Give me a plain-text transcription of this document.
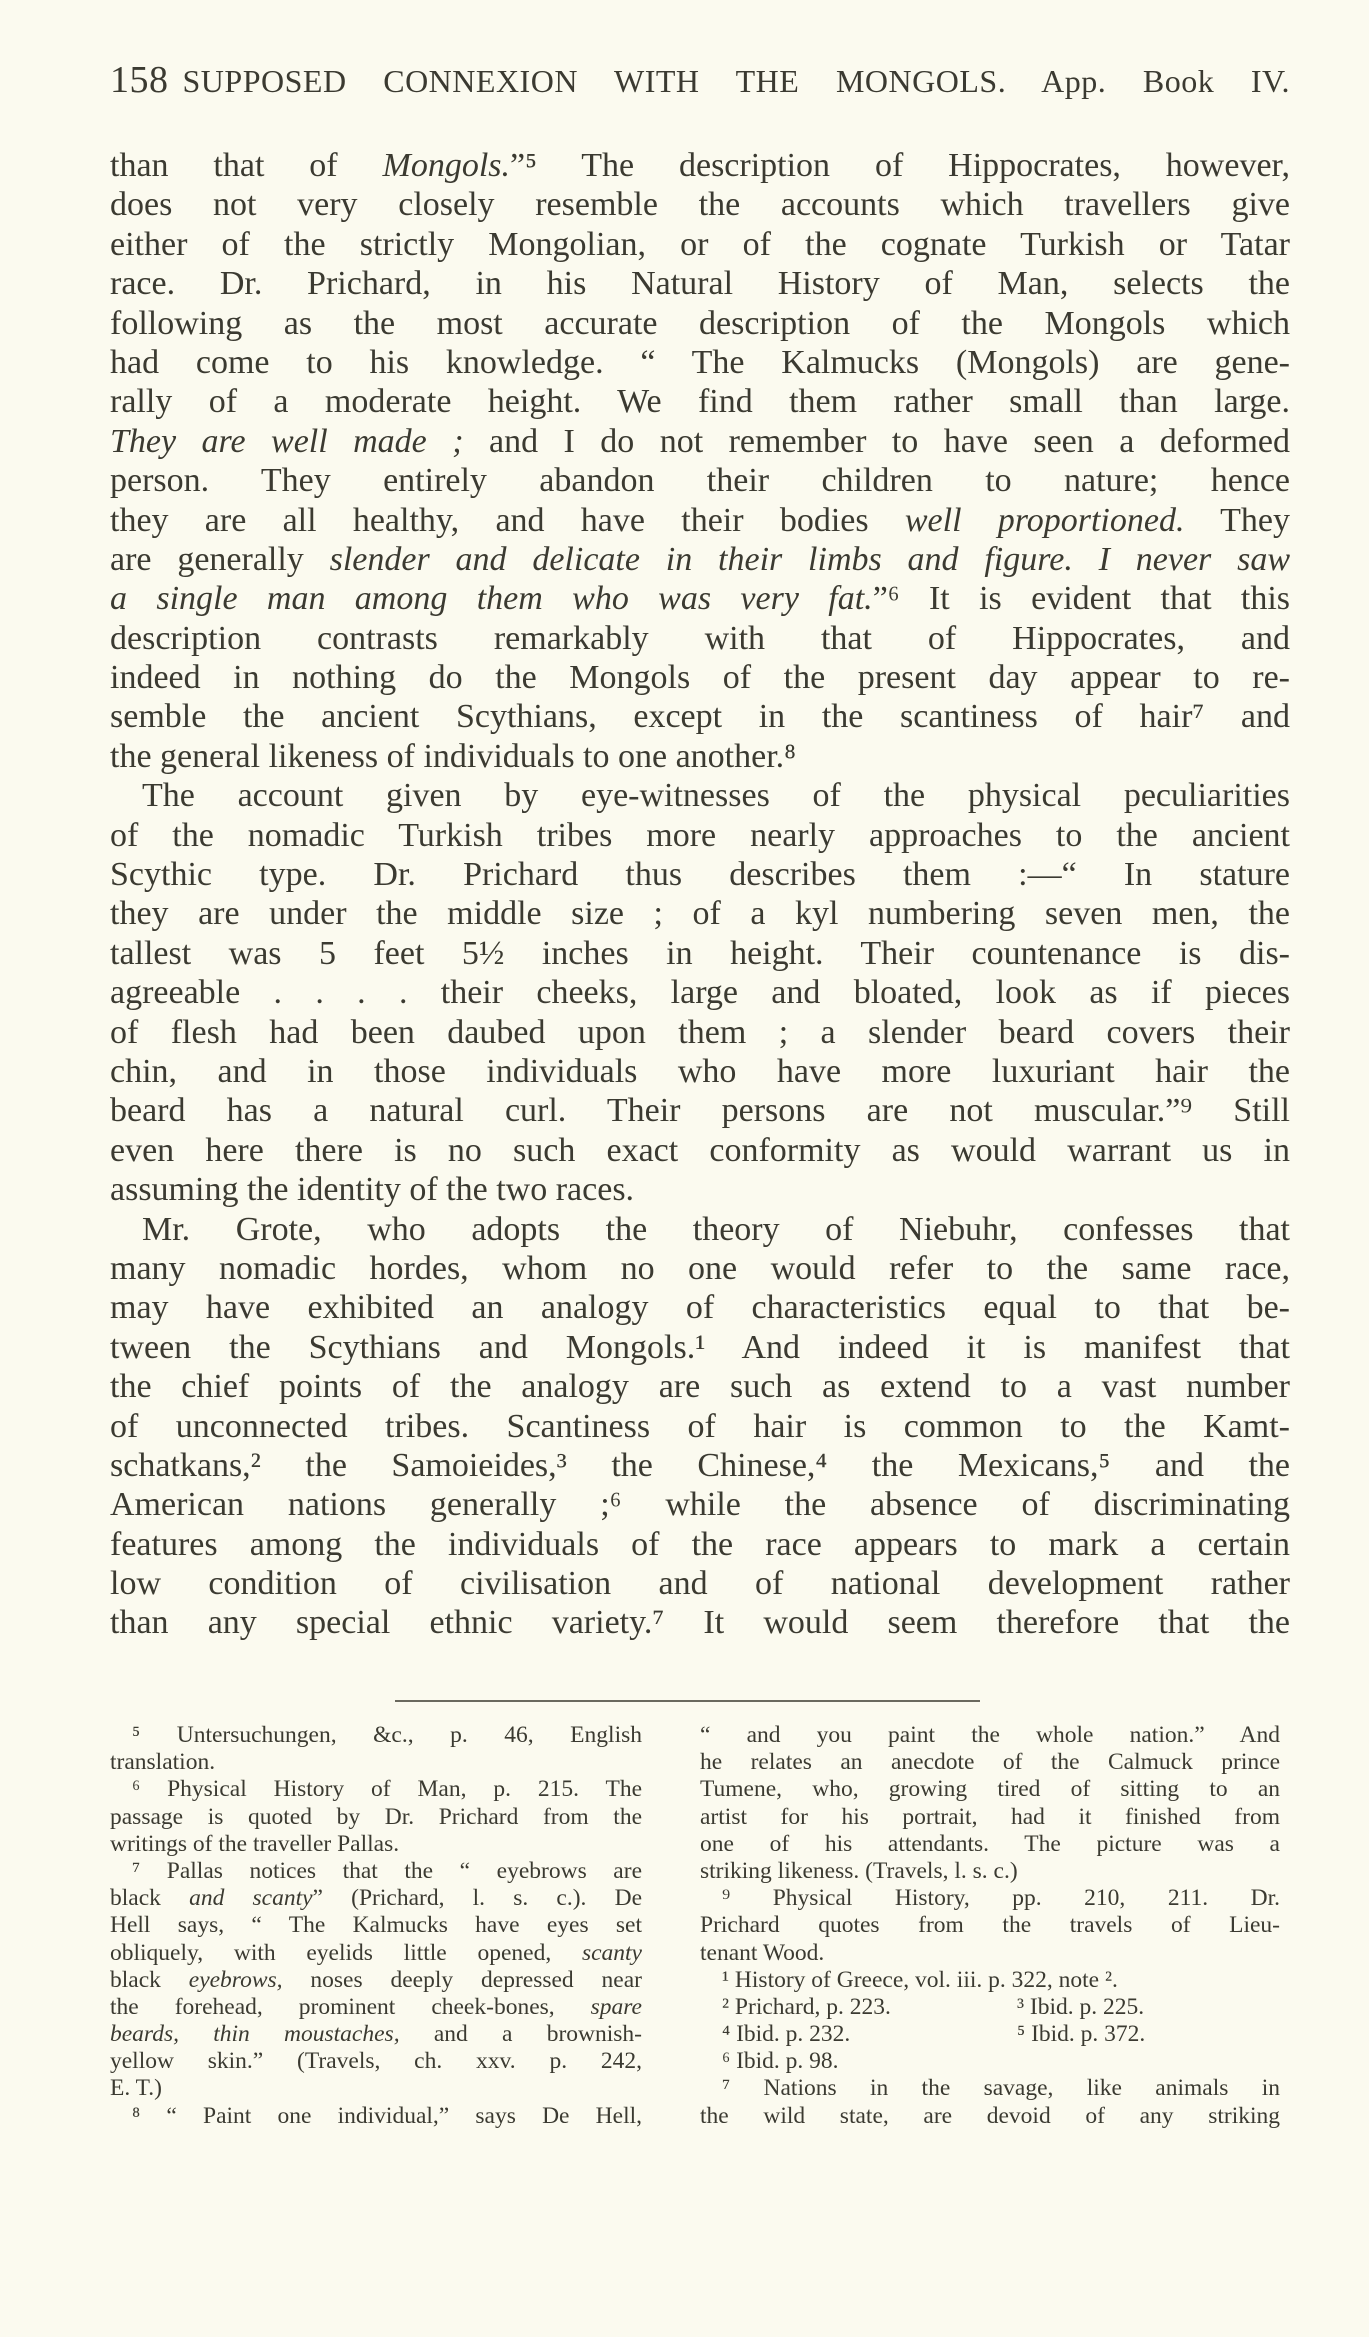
158 SUPPOSED CONNEXION WITH THE MONGOLS. App. Book IV.
than that of Mongols.”⁵ The description of Hippocrates, however,
does not very closely resemble the accounts which travellers give
either of the strictly Mongolian, or of the cognate Turkish or Tatar
race. Dr. Prichard, in his Natural History of Man, selects the
following as the most accurate description of the Mongols which
had come to his knowledge. “ The Kalmucks (Mongols) are gene-
rally of a moderate height. We find them rather small than large.
They are well made ; and I do not remember to have seen a deformed
person. They entirely abandon their children to nature; hence
they are all healthy, and have their bodies well proportioned. They
are generally slender and delicate in their limbs and figure. I never saw
a single man among them who was very fat.”⁶ It is evident that this
description contrasts remarkably with that of Hippocrates, and
indeed in nothing do the Mongols of the present day appear to re-
semble the ancient Scythians, except in the scantiness of hair⁷ and
the general likeness of individuals to one another.⁸
The account given by eye-witnesses of the physical peculiarities
of the nomadic Turkish tribes more nearly approaches to the ancient
Scythic type. Dr. Prichard thus describes them :—“ In stature
they are under the middle size ; of a kyl numbering seven men, the
tallest was 5 feet 5½ inches in height. Their countenance is dis-
agreeable . . . . their cheeks, large and bloated, look as if pieces
of flesh had been daubed upon them ; a slender beard covers their
chin, and in those individuals who have more luxuriant hair the
beard has a natural curl. Their persons are not muscular.”⁹ Still
even here there is no such exact conformity as would warrant us in
assuming the identity of the two races.
Mr. Grote, who adopts the theory of Niebuhr, confesses that
many nomadic hordes, whom no one would refer to the same race,
may have exhibited an analogy of characteristics equal to that be-
tween the Scythians and Mongols.¹ And indeed it is manifest that
the chief points of the analogy are such as extend to a vast number
of unconnected tribes. Scantiness of hair is common to the Kamt-
schatkans,² the Samoieides,³ the Chinese,⁴ the Mexicans,⁵ and the
American nations generally ;⁶ while the absence of discriminating
features among the individuals of the race appears to mark a certain
low condition of civilisation and of national development rather
than any special ethnic variety.⁷ It would seem therefore that the
⁵ Untersuchungen, &c., p. 46, English
translation.
⁶ Physical History of Man, p. 215. The
passage is quoted by Dr. Prichard from the
writings of the traveller Pallas.
⁷ Pallas notices that the “ eyebrows are
black and scanty” (Prichard, l. s. c.). De
Hell says, “ The Kalmucks have eyes set
obliquely, with eyelids little opened, scanty
black eyebrows, noses deeply depressed near
the forehead, prominent cheek-bones, spare
beards, thin moustaches, and a brownish-
yellow skin.” (Travels, ch. xxv. p. 242,
E. T.)
⁸ “ Paint one individual,” says De Hell,
“ and you paint the whole nation.” And
he relates an anecdote of the Calmuck prince
Tumene, who, growing tired of sitting to an
artist for his portrait, had it finished from
one of his attendants. The picture was a
striking likeness. (Travels, l. s. c.)
⁹ Physical History, pp. 210, 211. Dr.
Prichard quotes from the travels of Lieu-
tenant Wood.
¹ History of Greece, vol. iii. p. 322, note ².
² Prichard, p. 223.	³ Ibid. p. 225.
⁴ Ibid. p. 232.	⁵ Ibid. p. 372.
⁶ Ibid. p. 98.
⁷ Nations in the savage, like animals in
the wild state, are devoid of any striking
